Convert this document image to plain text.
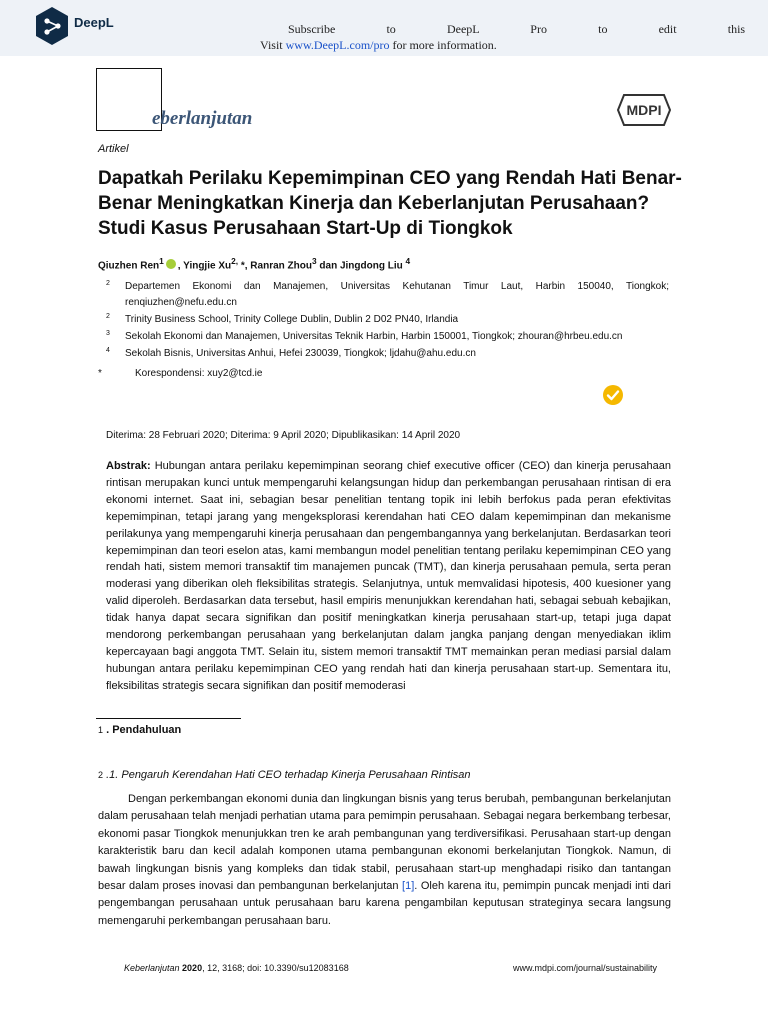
DeepL	Subscribe	to	DeepL	Pro	to	edit	this
Visit www.DeepL.com/pro for more information.
eberlanjutan	MDPI
Artikel
Dapatkah Perilaku Kepemimpinan CEO yang Rendah Hati Benar-Benar Meningkatkan Kinerja dan Keberlanjutan Perusahaan? Studi Kasus Perusahaan Start-Up di Tiongkok
Qiuzhen Ren$^1$ , Yingjie $Xu^{2,}$ *, Ranran Zhou$^3$ dan Jingdong Liu $^4$
2 Departemen Ekonomi dan Manajemen, Universitas Kehutanan Timur Laut, Harbin 150040, Tiongkok; renqiuzhen@nefu.edu.cn
2 Trinity Business School, Trinity College Dublin, Dublin 2 D02 PN40, Irlandia
3 Sekolah Ekonomi dan Manajemen, Universitas Teknik Harbin, Harbin 150001, Tiongkok; zhouran@hrbeu.edu.cn
4 Sekolah Bisnis, Universitas Anhui, Hefei 230039, Tiongkok; ljdahu@ahu.edu.cn
*	Korespondensi: xuy2@tcd.ie
Diterima: 28 Februari 2020; Diterima: 9 April 2020; Dipublikasikan: 14 April 2020
Abstrak: Hubungan antara perilaku kepemimpinan seorang chief executive officer (CEO) dan kinerja perusahaan rintisan merupakan kunci untuk mempengaruhi kelangsungan hidup dan perkembangan perusahaan rintisan di era ekonomi internet. Saat ini, sebagian besar penelitian tentang topik ini lebih berfokus pada peran efektivitas kepemimpinan, tetapi jarang yang mengeksplorasi kerendahan hati CEO dalam kepemimpinan dan mekanisme perilakunya yang mempengaruhi kinerja perusahaan dan pengembangannya yang berkelanjutan. Berdasarkan teori kepemimpinan dan teori eselon atas, kami membangun model penelitian tentang perilaku kepemimpinan CEO yang rendah hati, sistem memori transaktif tim manajemen puncak (TMT), dan kinerja perusahaan pemula, serta peran moderasi yang diberikan oleh fleksibilitas strategis. Selanjutnya, untuk memvalidasi hipotesis, 400 kuesioner yang valid diperoleh. Berdasarkan data tersebut, hasil empiris menunjukkan kerendahan hati, sebagai sebuah kebajikan, tidak hanya dapat secara signifikan dan positif meningkatkan kinerja perusahaan start-up, tetapi juga dapat mendorong perkembangan perusahaan yang berkelanjutan dalam jangka panjang dengan menyediakan iklim kepercayaan bagi anggota TMT. Selain itu, sistem memori transaktif TMT memainkan peran mediasi parsial dalam hubungan antara perilaku kepemimpinan CEO yang rendah hati dan kinerja perusahaan start-up. Sementara itu, fleksibilitas strategis secara signifikan dan positif memoderasi
1 . Pendahuluan
2 .1. Pengaruh Kerendahan Hati CEO terhadap Kinerja Perusahaan Rintisan
Dengan perkembangan ekonomi dunia dan lingkungan bisnis yang terus berubah, pembangunan berkelanjutan dalam perusahaan telah menjadi perhatian utama para pemimpin perusahaan. Sebagai negara berkembang terbesar, ekonomi pasar Tiongkok menunjukkan tren ke arah pembangunan yang terdiversifikasi. Perusahaan start-up dengan karakteristik baru dan kecil adalah komponen utama pembangunan ekonomi berkelanjutan Tiongkok. Namun, di bawah lingkungan bisnis yang kompleks dan tidak stabil, perusahaan start-up menghadapi risiko dan tantangan besar dalam proses inovasi dan pembangunan berkelanjutan [1]. Oleh karena itu, pemimpin puncak menjadi inti dari pengembangan perusahaan untuk perusahaan baru karena pengambilan keputusan strateginya secara langsung memengaruhi perkembangan perusahaan baru.
Keberlanjutan 2020, 12, 3168; doi: 10.3390/su12083168	www.mdpi.com/journal/sustainability
